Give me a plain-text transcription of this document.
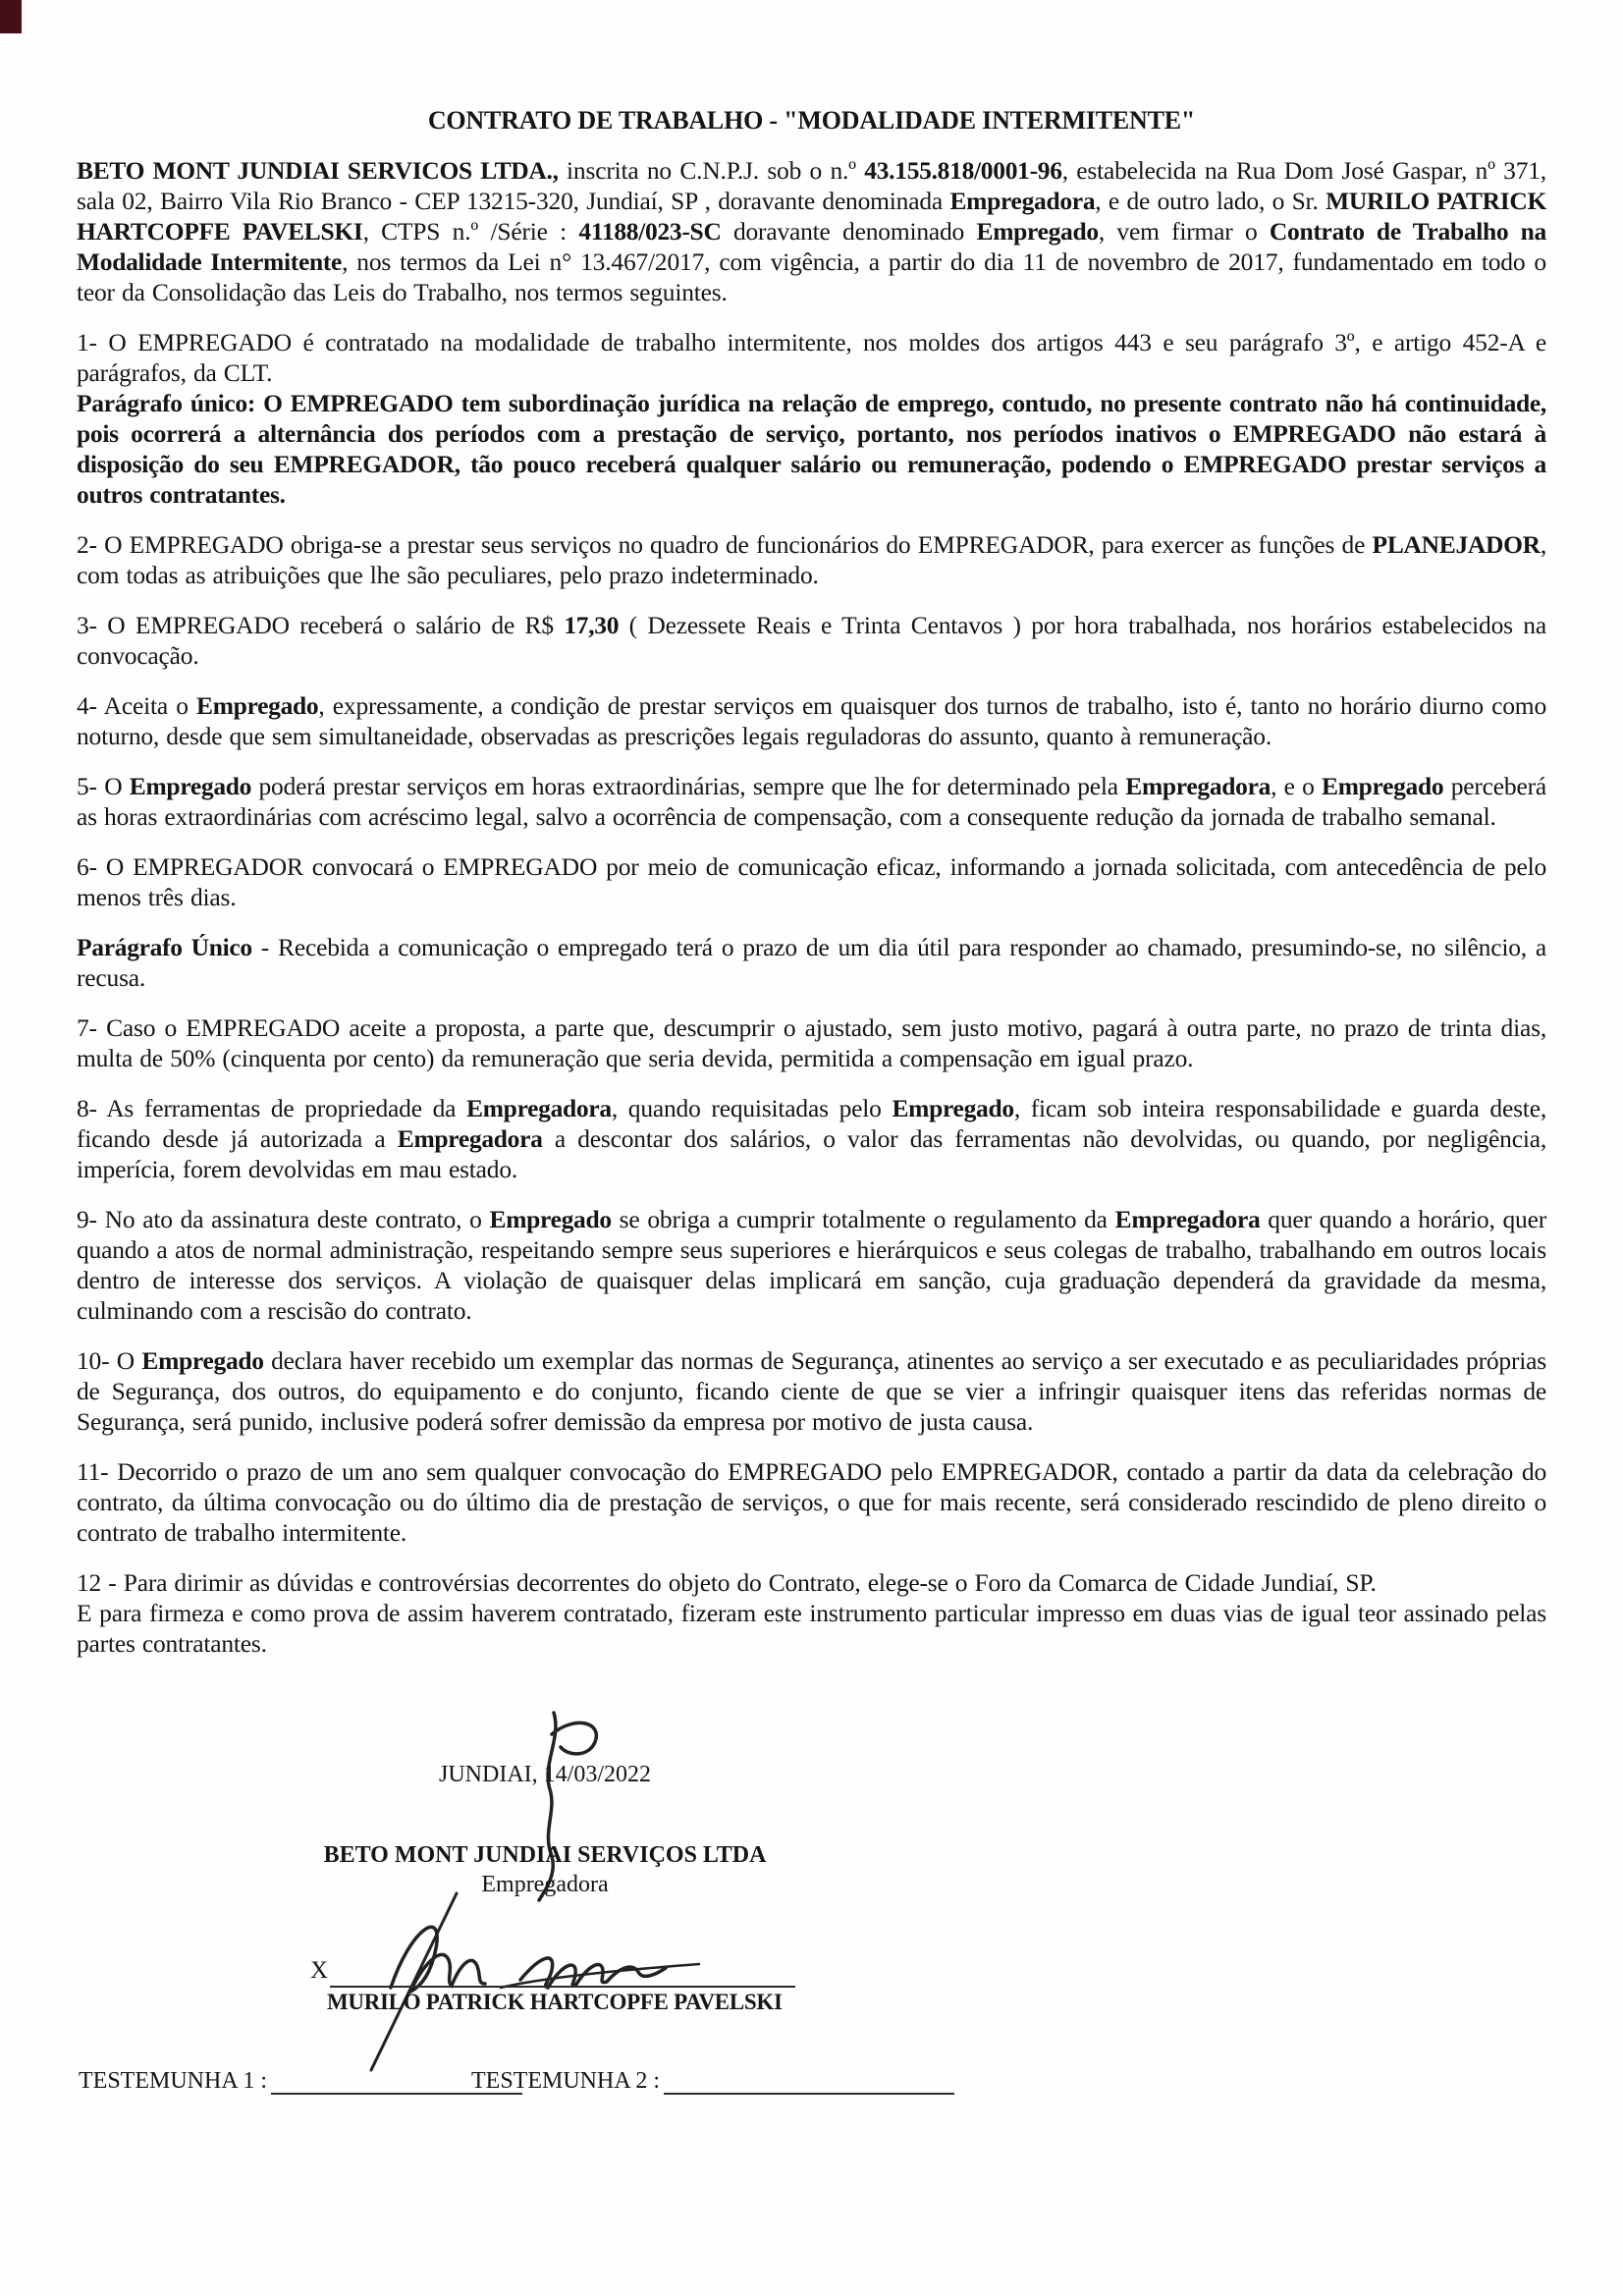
CONTRATO DE TRABALHO - "MODALIDADE INTERMITENTE"

BETO MONT JUNDIAI SERVICOS LTDA., inscrita no C.N.P.J. sob o n.º 43.155.818/0001-96, estabelecida na Rua Dom José Gaspar, nº 371, sala 02, Bairro Vila Rio Branco - CEP 13215-320, Jundiaí, SP , doravante denominada Empregadora, e de outro lado, o Sr. MURILO PATRICK HARTCOPFE PAVELSKI, CTPS n.º /Série : 41188/023-SC doravante denominado Empregado, vem firmar o Contrato de Trabalho na Modalidade Intermitente, nos termos da Lei n° 13.467/2017, com vigência, a partir do dia 11 de novembro de 2017, fundamentado em todo o teor da Consolidação das Leis do Trabalho, nos termos seguintes.

1- O EMPREGADO é contratado na modalidade de trabalho intermitente, nos moldes dos artigos 443 e seu parágrafo 3º, e artigo 452-A e parágrafos, da CLT.

Parágrafo único: O EMPREGADO tem subordinação jurídica na relação de emprego, contudo, no presente contrato não há continuidade, pois ocorrerá a alternância dos períodos com a prestação de serviço, portanto, nos períodos inativos o EMPREGADO não estará à disposição do seu EMPREGADOR, tão pouco receberá qualquer salário ou remuneração, podendo o EMPREGADO prestar serviços a outros contratantes.

2- O EMPREGADO obriga-se a prestar seus serviços no quadro de funcionários do EMPREGADOR, para exercer as funções de PLANEJADOR, com todas as atribuições que lhe são peculiares, pelo prazo indeterminado.

3- O EMPREGADO receberá o salário de R$ 17,30 ( Dezessete Reais e Trinta Centavos ) por hora trabalhada, nos horários estabelecidos na convocação.

4- Aceita o Empregado, expressamente, a condição de prestar serviços em quaisquer dos turnos de trabalho, isto é, tanto no horário diurno como noturno, desde que sem simultaneidade, observadas as prescrições legais reguladoras do assunto, quanto à remuneração.

5- O Empregado poderá prestar serviços em horas extraordinárias, sempre que lhe for determinado pela Empregadora, e o Empregado perceberá as horas extraordinárias com acréscimo legal, salvo a ocorrência de compensação, com a consequente redução da jornada de trabalho semanal.

6- O EMPREGADOR convocará o EMPREGADO por meio de comunicação eficaz, informando a jornada solicitada, com antecedência de pelo menos três dias.

Parágrafo Único - Recebida a comunicação o empregado terá o prazo de um dia útil para responder ao chamado, presumindo-se, no silêncio, a recusa.

7- Caso o EMPREGADO aceite a proposta, a parte que, descumprir o ajustado, sem justo motivo, pagará à outra parte, no prazo de trinta dias, multa de 50% (cinquenta por cento) da remuneração que seria devida, permitida a compensação em igual prazo.

8- As ferramentas de propriedade da Empregadora, quando requisitadas pelo Empregado, ficam sob inteira responsabilidade e guarda deste, ficando desde já autorizada a Empregadora a descontar dos salários, o valor das ferramentas não devolvidas, ou quando, por negligência, imperícia, forem devolvidas em mau estado.

9- No ato da assinatura deste contrato, o Empregado se obriga a cumprir totalmente o regulamento da Empregadora quer quando a horário, quer quando a atos de normal administração, respeitando sempre seus superiores e hierárquicos e seus colegas de trabalho, trabalhando em outros locais dentro de interesse dos serviços. A violação de quaisquer delas implicará em sanção, cuja graduação dependerá da gravidade da mesma, culminando com a rescisão do contrato.

10- O Empregado declara haver recebido um exemplar das normas de Segurança, atinentes ao serviço a ser executado e as peculiaridades próprias de Segurança, dos outros, do equipamento e do conjunto, ficando ciente de que se vier a infringir quaisquer itens das referidas normas de Segurança, será punido, inclusive poderá sofrer demissão da empresa por motivo de justa causa.

11- Decorrido o prazo de um ano sem qualquer convocação do EMPREGADO pelo EMPREGADOR, contado a partir da data da celebração do contrato, da última convocação ou do último dia de prestação de serviços, o que for mais recente, será considerado rescindido de pleno direito o contrato de trabalho intermitente.

12 - Para dirimir as dúvidas e controvérsias decorrentes do objeto do Contrato, elege-se o Foro da Comarca de Cidade Jundiaí, SP.

E para firmeza e como prova de assim haverem contratado, fizeram este instrumento particular impresso em duas vias de igual teor assinado pelas partes contratantes.

JUNDIAI, 14/03/2022
BETO MONT JUNDIAI SERVIÇOS LTDA
Empregadora
X
MURILO PATRICK HARTCOPFE PAVELSKI
TESTEMUNHA 1 :	TESTEMUNHA 2 :
